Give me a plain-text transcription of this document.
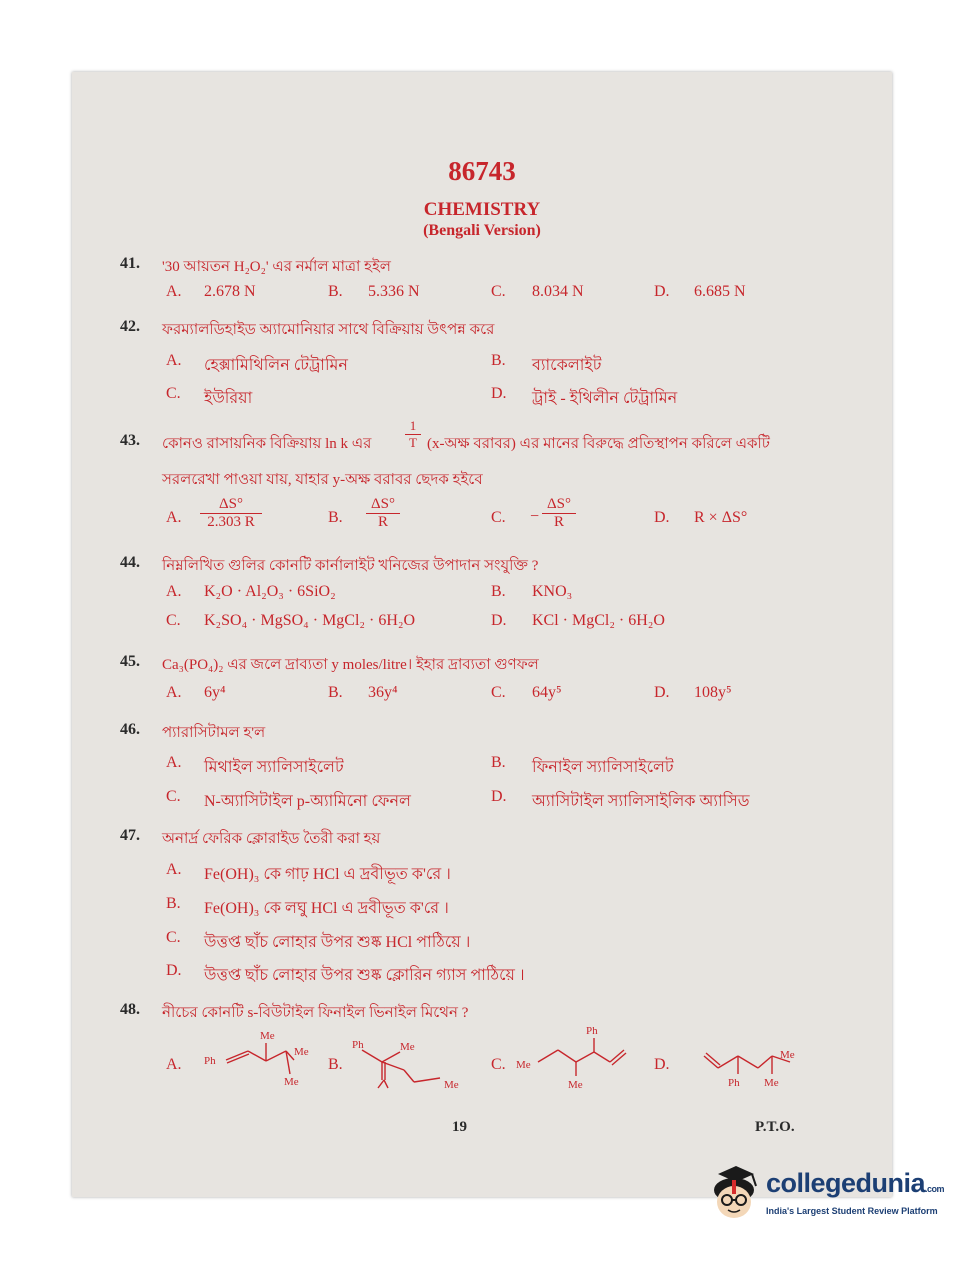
86743
CHEMISTRY
(Bengali Version)
41. '30 আয়তন H₂O₂' এর নর্মাল মাত্রা হইল
A. 2.678 N	B. 5.336 N	C. 8.034 N	D. 6.685 N
42. ফরম্যালডিহাইড অ্যামোনিয়ার সাথে বিক্রিয়ায় উৎপন্ন করে
A. হেক্সামিথিলিন টেট্রামিন	B. ব্যাকেলাইট
C. ইউরিয়া	D. ট্রাই - ইথিলীন টেট্রামিন
43. কোনও রাসায়নিক বিক্রিয়ায় ln k এর	$\frac{1}{T}$ (x-অক্ষ বরাবর) এর মানের বিরুদ্ধে প্রতিস্থাপন করিলে একটি
সরলরেখা পাওয়া যায়, যাহার y-অক্ষ বরাবর ছেদক হইবে
A. $\frac{\Delta S^\circ}{2.303 R}$	B. $\frac{\Delta S^\circ}{R}$	C. − $\frac{\Delta S^\circ}{R}$	D. R × ΔS°
44. নিম্নলিখিত গুলির কোনটি কার্নালাইট খনিজের উপাদান সংযুক্তি ?
A. K₂O · Al₂O₃ · 6SiO₂	B. KNO₃
C. K₂SO₄ · MgSO₄ · MgCl₂ · 6H₂O	D. KCl · MgCl₂ · 6H₂O
45. Ca₃(PO₄)₂ এর জলে দ্রাব্যতা y moles/litre। ইহার দ্রাব্যতা গুণফল
A. 6y⁴	B. 36y⁴	C. 64y⁵	D. 108y⁵
46. প্যারাসিটামল হ'ল
A. মিথাইল স্যালিসাইলেট	B. ফিনাইল স্যালিসাইলেট
C. N-অ্যাসিটাইল p-অ্যামিনো ফেনল	D. অ্যাসিটাইল স্যালিসাইলিক অ্যাসিড
47. অনার্দ্র ফেরিক ক্লোরাইড তৈরী করা হয়
A. Fe(OH)₃ কে গাঢ় HCl এ দ্রবীভূত ক'রে ।
B. Fe(OH)₃ কে লঘু HCl এ দ্রবীভূত ক'রে ।
C. উত্তপ্ত ছাঁচ লোহার উপর শুষ্ক HCl পাঠিয়ে ।
D. উত্তপ্ত ছাঁচ লোহার উপর শুষ্ক ক্লোরিন গ্যাস পাঠিয়ে ।
48. নীচের কোনটি s-বিউটাইল ফিনাইল ভিনাইল মিথেন ?
A. Ph
Me
Me
Me
B.
Ph	Me
Me
C.
Ph
Me
Me
D.
Me
Ph Me
19	P.T.O.
collegedunia.com
India's Largest Student Review Platform
